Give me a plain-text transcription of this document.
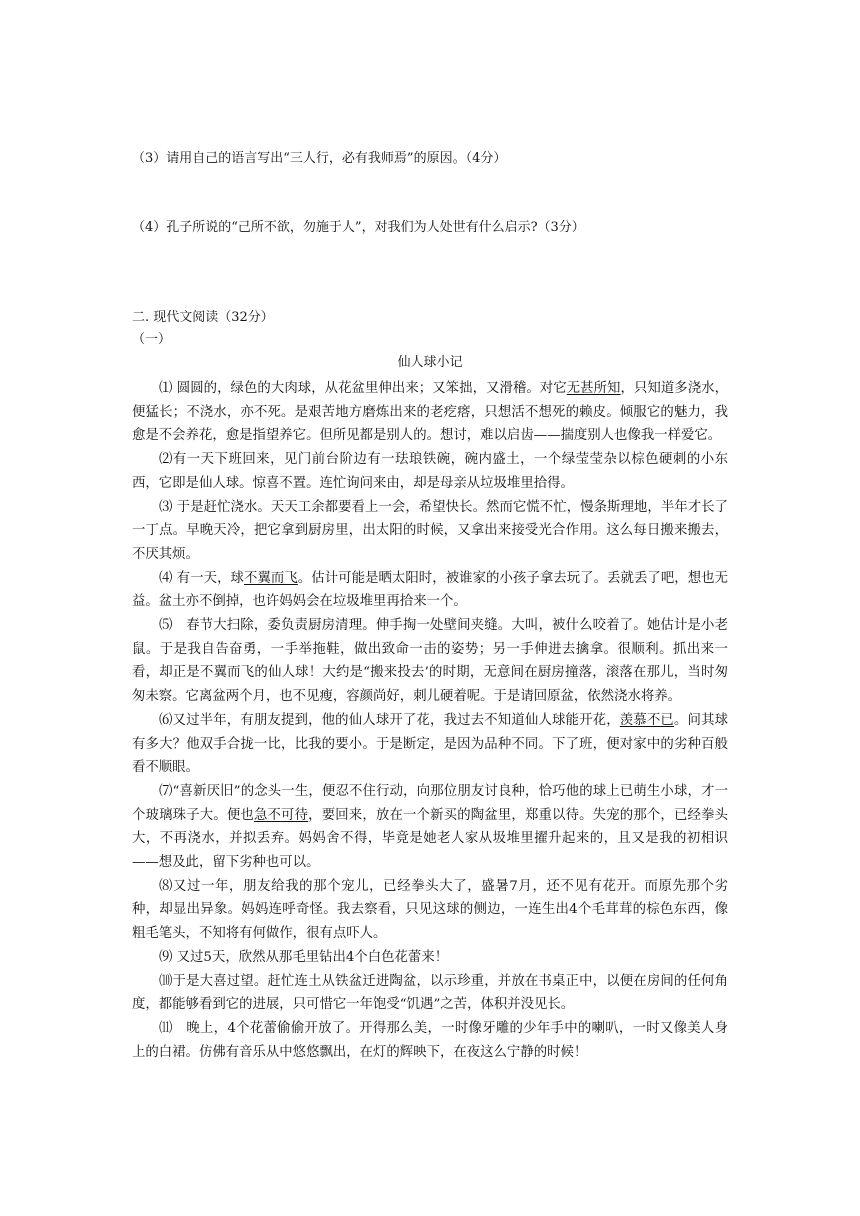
（3）请用自己的语言写出“三人行，必有我师焉”的原因。（4分）
（4）孔子所说的“己所不欲，勿施于人”，对我们为人处世有什么启示?（3分）
二. 现代文阅读（32分）
（一）
仙人球小记

⑴ 圆圆的，绿色的大肉球，从花盆里伸出来；又笨拙，又滑稽。对它无甚所知，只知道多浇水，便猛长；不浇水，亦不死。是艰苦地方磨炼出来的老疙瘩，只想活不想死的赖皮。倾服它的魅力，我愈是不会养花，愈是指望养它。但所见都是别人的。想讨，难以启齿——揣度别人也像我一样爱它。

⑵有一天下班回来，见门前台阶边有一珐琅铁碗，碗内盛土，一个绿莹莹杂以棕色硬刺的小东西，它即是仙人球。惊喜不置。连忙询问来由，却是母亲从垃圾堆里拾得。

⑶ 于是赶忙浇水。天天工余都要看上一会，希望快长。然而它慌不忙，慢条斯理地，半年才长了一丁点。早晚天冷，把它拿到厨房里，出太阳的时候，又拿出来接受光合作用。这么每日搬来搬去，不厌其烦。

⑷ 有一天，球不翼而飞。估计可能是晒太阳时，被谁家的小孩子拿去玩了。丢就丢了吧，想也无益。盆土亦不倒掉，也许妈妈会在垃圾堆里再拾来一个。

⑸　春节大扫除，委负责厨房清理。伸手掏一处壁间夹缝。大叫，被什么咬着了。她估计是小老鼠。于是我自告奋勇，一手举拖鞋，做出致命一击的姿势；另一手伸进去擒拿。很顺利。抓出来一看，却正是不翼而飞的仙人球！大约是“搬来投去’的时期，无意间在厨房撞落，滚落在那儿，当时匆匆未察。它离盆两个月，也不见瘦，容颜尚好，刺儿硬着呢。于是请回原盆，依然浇水将养。

⑹又过半年，有朋友提到，他的仙人球开了花，我过去不知道仙人球能开花，羡慕不已。问其球有多大？他双手合拢一比，比我的要小。于是断定，是因为品种不同。下了班，便对家中的劣种百般看不顺眼。

⑺“喜新厌旧”的念头一生，便忍不住行动，向那位朋友讨良种，恰巧他的球上已萌生小球，才一个玻璃珠子大。便也急不可待，要回来，放在一个新买的陶盆里，郑重以待。失宠的那个，已经拳头大，不再浇水，并拟丢弃。妈妈舍不得，毕竟是她老人家从圾堆里擢升起来的，且又是我的初相识——想及此，留下劣种也可以。

⑻又过一年，朋友给我的那个宠儿，已经拳头大了，盛暑7月，还不见有花开。而原先那个劣种，却显出异象。妈妈连呼奇怪。我去察看，只见这球的侧边，一连生出4个毛茸茸的棕色东西，像粗毛笔头，不知将有何做作，很有点吓人。

⑼ 又过5天，欣然从那毛里钻出4个白色花蕾来！

⑽于是大喜过望。赶忙连土从铁盆迁进陶盆，以示珍重，并放在书桌正中，以便在房间的任何角度，都能够看到它的进展，只可惜它一年饱受“饥遇”之苦，体积并没见长。

⑾　晚上，4个花蕾偷偷开放了。开得那么美，一时像牙雕的少年手中的喇叭，一时又像美人身上的白裙。仿佛有音乐从中悠悠飘出，在灯的辉映下，在夜这么宁静的时候！
